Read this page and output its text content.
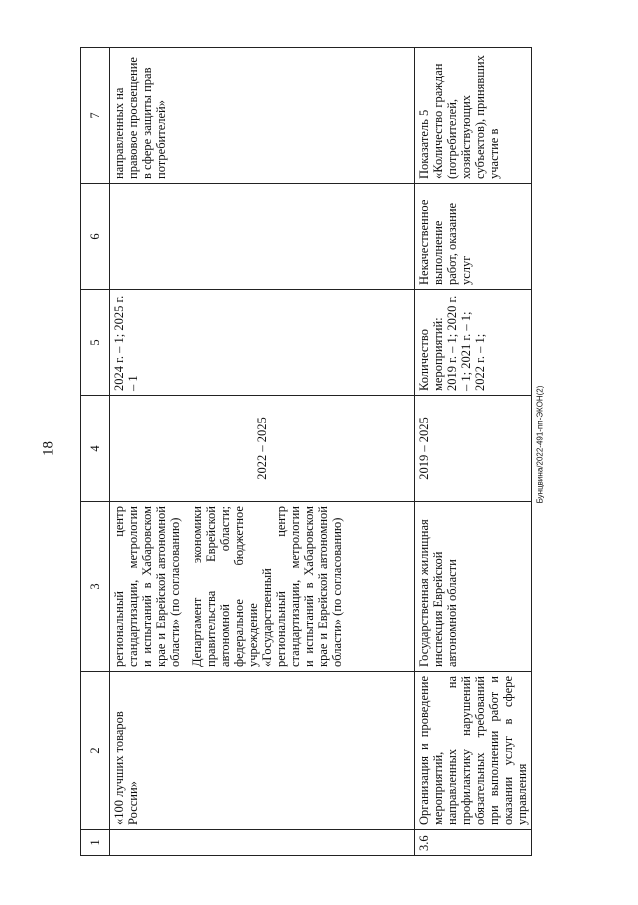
18	Бунцвина/2022-491-пп-ЭКОН(2)
1	2	3	4	5	6	7
	«100 лучших товаров России»	региональный центр стандартизации, метрологии и испытаний в Хабаровском крае и Еврейской автономной области» (по согласованию) Департамент экономики правительства Еврейской автономной области; федеральное бюджетное учреждение «Государственный региональный центр стандартизации, метрологии и испытаний в Хабаровском крае и Еврейской автономной области» (по согласованию)	2022 – 2025	2024 г. – 1; 2025 г. – 1		направленных на правовое просвещение в сфере защиты прав потребителей»
3.6	Организация и проведение мероприятий, направленных на профилактику нарушений обязательных требований при выполнении работ и оказании услуг в сфере управления	Государственная жилищная инспекция Еврейской автономной области	2019 – 2025	Количество мероприятий: 2019 г. – 1; 2020 г. – 1; 2021 г. – 1; 2022 г. – 1;	Некачественное выполнение работ, оказание услуг	Показатель 5 «Количество граждан (потребителей, хозяйствующих субъектов), принявших участие в
